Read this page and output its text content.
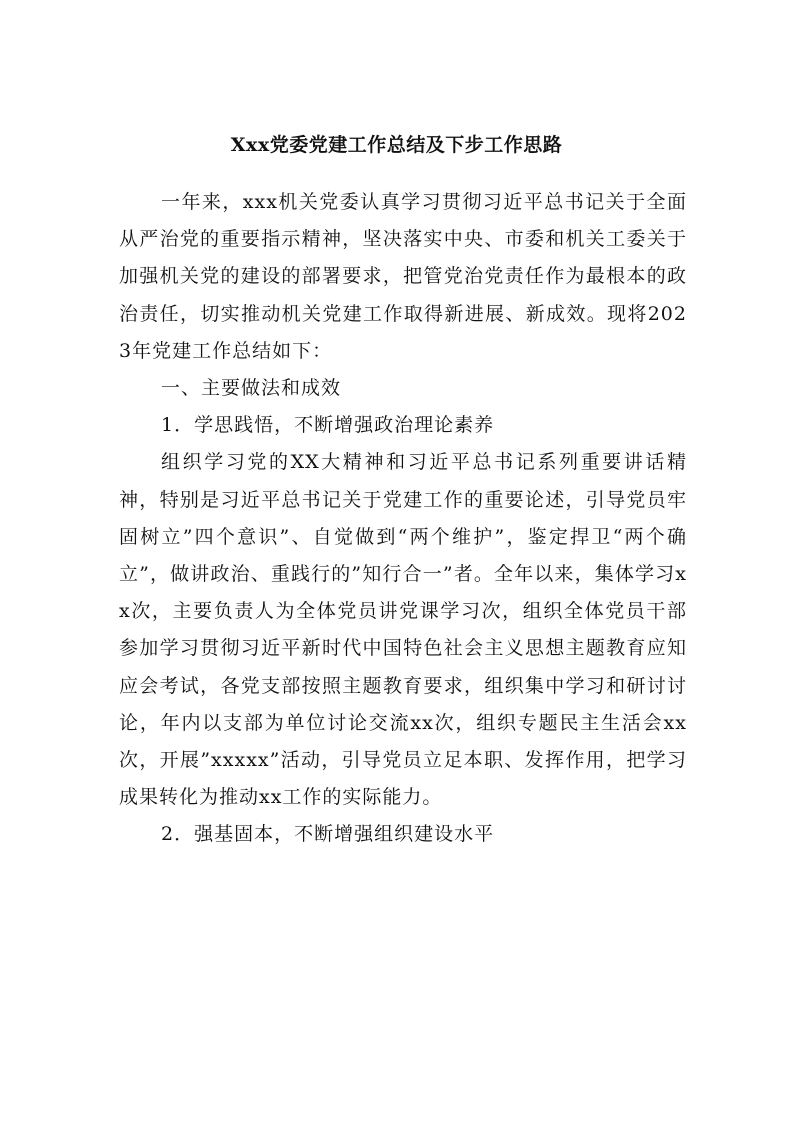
Xxx党委党建工作总结及下步工作思路

一年来，xxx机关党委认真学习贯彻习近平总书记关于全面从严治党的重要指示精神，坚决落实中央、市委和机关工委关于加强机关党的建设的部署要求，把管党治党责任作为最根本的政治责任，切实推动机关党建工作取得新进展、新成效。现将2023年党建工作总结如下：

一、主要做法和成效

1．学思践悟，不断增强政治理论素养

组织学习党的XX大精神和习近平总书记系列重要讲话精神，特别是习近平总书记关于党建工作的重要论述，引导党员牢固树立”四个意识”、自觉做到“两个维护”，鉴定捍卫“两个确立”，做讲政治、重践行的”知行合一”者。全年以来，集体学习xx次，主要负责人为全体党员讲党课学习次，组织全体党员干部参加学习贯彻习近平新时代中国特色社会主义思想主题教育应知应会考试，各党支部按照主题教育要求，组织集中学习和研讨讨论，年内以支部为单位讨论交流xx次，组织专题民主生活会xx次，开展”xxxxx”活动，引导党员立足本职、发挥作用，把学习成果转化为推动xx工作的实际能力。

2．强基固本，不断增强组织建设水平
